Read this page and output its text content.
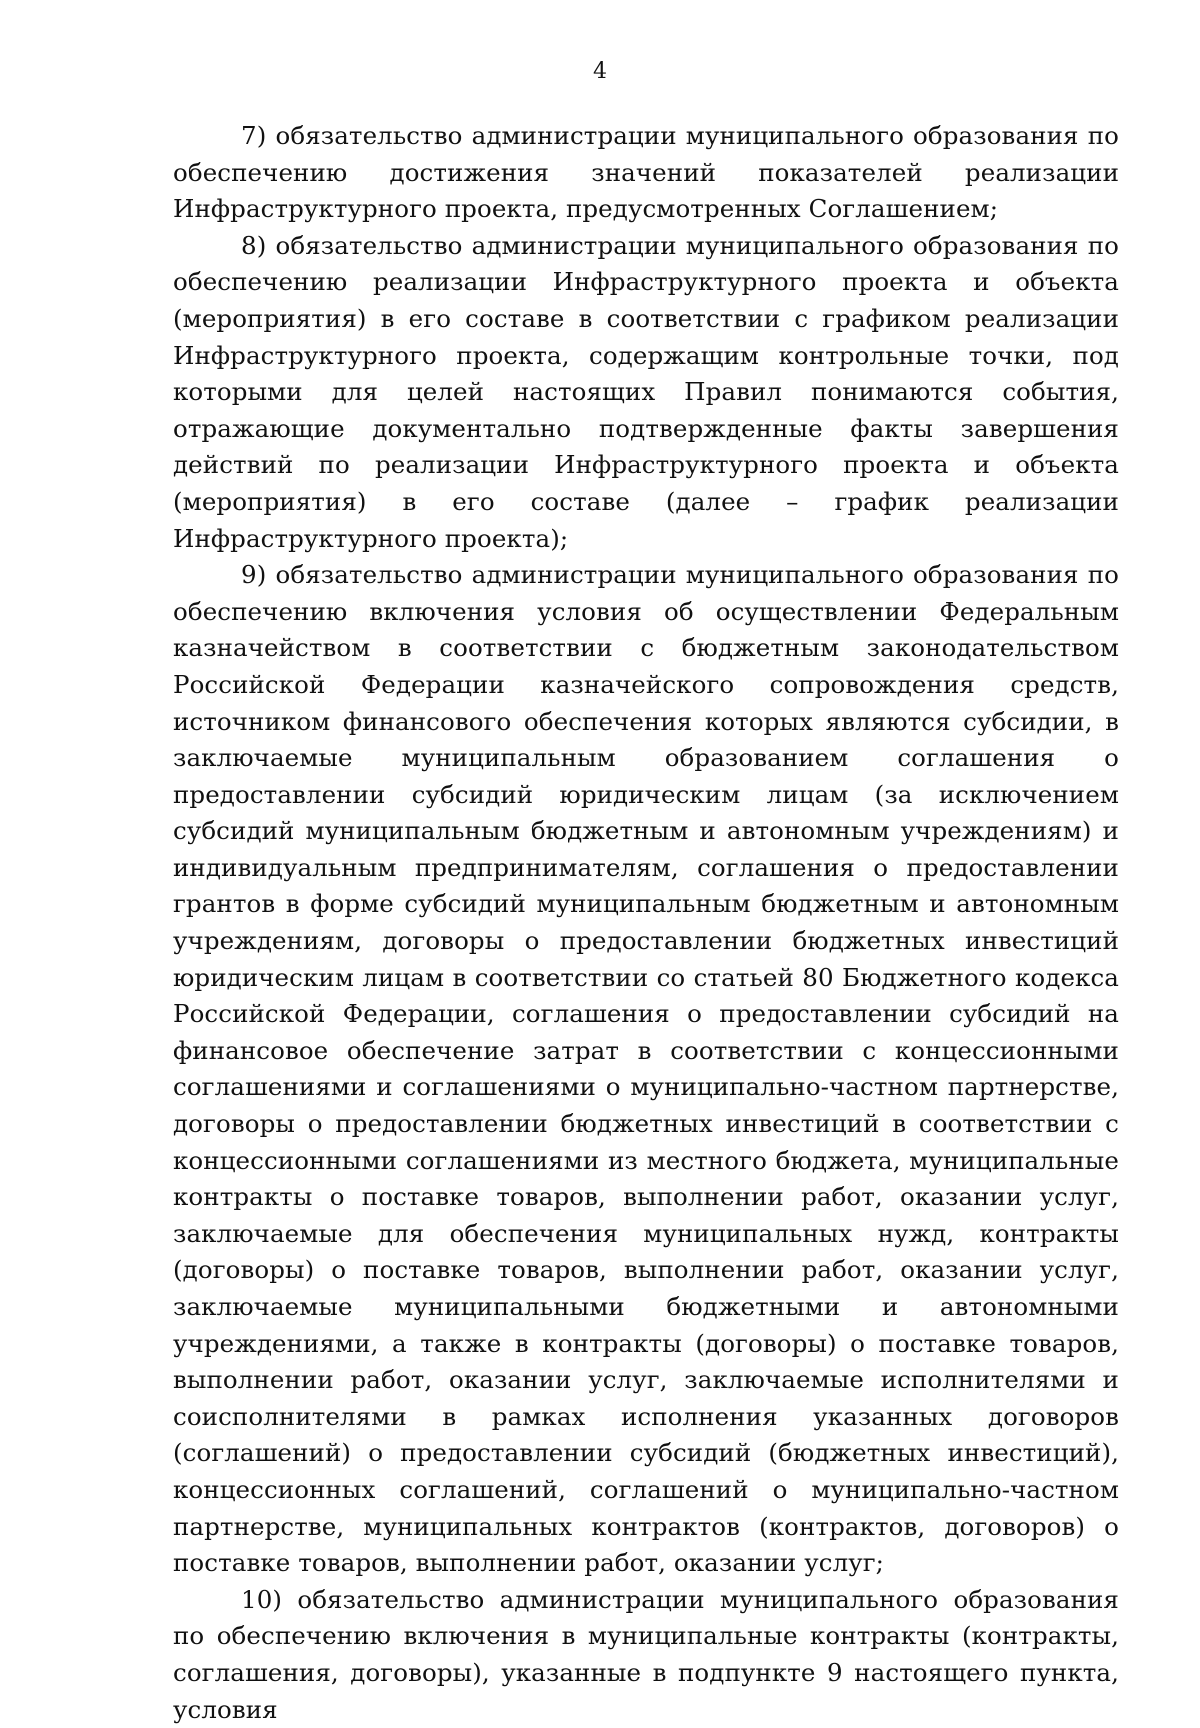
4

7) обязательство администрации муниципального образования по обеспечению достижения значений показателей реализации Инфраструктурного проекта, предусмотренных Соглашением;

8) обязательство администрации муниципального образования по обеспечению реализации Инфраструктурного проекта и объекта (мероприятия) в его составе в соответствии с графиком реализации Инфраструктурного проекта, содержащим контрольные точки, под которыми для целей настоящих Правил понимаются события, отражающие документально подтвержденные факты завершения действий по реализации Инфраструктурного проекта и объекта (мероприятия) в его составе (далее – график реализации Инфраструктурного проекта);

9) обязательство администрации муниципального образования по обеспечению включения условия об осуществлении Федеральным казначейством в соответствии с бюджетным законодательством Российской Федерации казначейского сопровождения средств, источником финансового обеспечения которых являются субсидии, в заключаемые муниципальным образованием соглашения о предоставлении субсидий юридическим лицам (за исключением субсидий муниципальным бюджетным и автономным учреждениям) и индивидуальным предпринимателям, соглашения о предоставлении грантов в форме субсидий муниципальным бюджетным и автономным учреждениям, договоры о предоставлении бюджетных инвестиций юридическим лицам в соответствии со статьей 80 Бюджетного кодекса Российской Федерации, соглашения о предоставлении субсидий на финансовое обеспечение затрат в соответствии с концессионными соглашениями и соглашениями о муниципально-частном партнерстве, договоры о предоставлении бюджетных инвестиций в соответствии с концессионными соглашениями из местного бюджета, муниципальные контракты о поставке товаров, выполнении работ, оказании услуг, заключаемые для обеспечения муниципальных нужд, контракты (договоры) о поставке товаров, выполнении работ, оказании услуг, заключаемые муниципальными бюджетными и автономными учреждениями, а также в контракты (договоры) о поставке товаров, выполнении работ, оказании услуг, заключаемые исполнителями и соисполнителями в рамках исполнения указанных договоров (соглашений) о предоставлении субсидий (бюджетных инвестиций), концессионных соглашений, соглашений о муниципально-частном партнерстве, муниципальных контрактов (контрактов, договоров) о поставке товаров, выполнении работ, оказании услуг;

10) обязательство администрации муниципального образования по обеспечению включения в муниципальные контракты (контракты, соглашения, договоры), указанные в подпункте 9 настоящего пункта, условия
